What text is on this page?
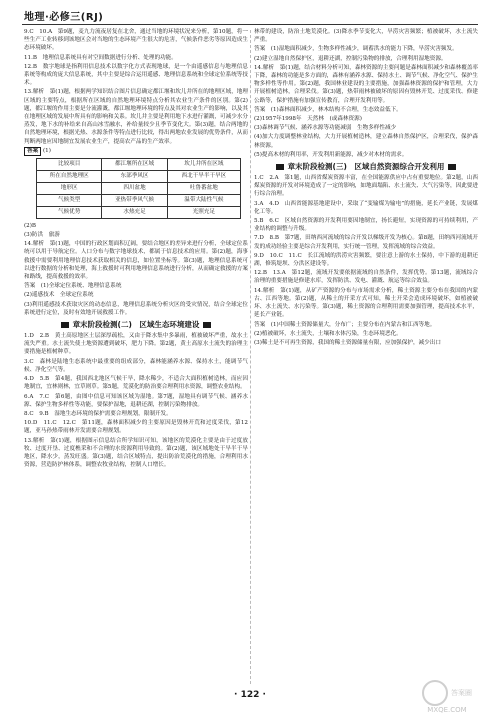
地理·必修三(RJ)

9.C　10.A　第9题，麦九力流夜居复在北舍，通过当地的环境状况来分析，第10题，将一些生产工业转移到该地区会对当地的生态环境产生很大的危害，气候条件恶劣等原因造成生态环境破坏。

11.B　地理信息系统具有对空间数据进行分析、处理的功能。

12.B　数字地球是指利用信息技术以数字化方式表现地球，是一个由遥感信息与地理信息系统等构成的庞大信息系统，其中主要是综合运用遥感、地理信息系统和全球定位系统等技术。

13.解析　第(1)题，根据两学知识结合图片信息确定都江堰和坎儿井所在的地理区域，地理区域的主要特点，根据所在区域的自然地理环境特点分析其农业生产条件的区别。第(2)题，都江堰的作用主要是分流灌溉，都江堰地理环境的特点及其对农业生产的影响，以及其在地理区域的发展中所具有的影响和关系。坎儿井主要是利用地下水进行灌溉，可减少水分蒸发，地下水的补给来自高山冰雪融水，补给量较少且季节变化大。第(3)题，结合两地的自然地理环境，根据光热、水源条件等特点进行比较，得出两地农业发展的优势条件，从而判断两地应因地制宜发展农业生产，提高农产品的生产效率。

答案 (1)

比较项目	都江堰所在区域	坎儿井所在区域
所在自然地理区	东部季风区	西北干旱半干旱区
地形区	四川盆地	吐鲁番盆地
气候类型	亚热带季风气候	温带大陆性气候
气候优势	水热充足	光照充足

(2)B

(3)防洪　旅游

14.解析　第(1)题，中国的行政区划面积辽阔，要结合地区的差异来进行分析，全球定位系统可以用于导航定位。人口分布与数字地球技术，都属于信息技术的应用。第(2)题，海事救援中需要利用地理信息技术获取相关的信息，如位置坐标等。第(3)题，地理信息系统可以进行数据的分析和处理，海上救援时可利用地理信息系统进行分析，从而确定救援的方案和路线，提高救援的效率。

答案　(1)全球定位系统、地理信息系统

(2)遥感技术　全球定位系统

(3)利用遥感技术获取灾区的动态信息，地理信息系统分析灾区的受灾情况，结合全球定位系统进行定位，及时有效地开展救援工作。

章末阶段检测(二)　区域生态环境建设

1.D　2.B　黄土高原地区土层深厚疏松，又由于降水集中多暴雨，植被破坏严重，故水土流失严重。水土流失使土地资源遭到破坏，肥力下降。第2题，黄土高原水土流失的治理主要措施是植树种草。

3.C　森林是陆地生态系统中最重要的组成部分，森林能涵养水源、保持水土，能调节气候、净化空气等。

4.D　5.B　第4题，我国西北地区气候干旱，降水稀少，不适合大面积植树造林，而应因地制宜，宜林则林，宜草则草。第5题，荒漠化的防治要合理利用水资源，调整农业结构。

6.A　7.C　第6题，由图中信息可知该区域为湿地。第7题，湿地具有调节气候、涵养水源、保护生物多样性等功能，要保护湿地，退耕还湖，控制污染物排放。

8.C　9.B　湿地生态环境的保护需要合理规划，限制开发。

10.D　11.C　12.C　第11题，森林面积减少的主要原因是毁林开荒和过度采伐，第12题，亚马孙热带雨林开发需要合理规划。

13.解析　第(1)题，根据图示信息结合所学知识可知，该地区的荒漠化主要是由于过度放牧、过度开垦、过度樵采和不合理的水资源利用导致的。第(2)题，该区域地处干旱半干旱地区，降水少，蒸发旺盛。第(3)题，结合区域特点，提出防治荒漠化的措施，合理利用水资源，营造防护林体系，调整农牧业结构，控制人口增长。

林带的建设，防治土地荒漠化。(3)降水季节变化大，旱涝灾害频繁；植被破坏，水土流失严重。

答案　(1)湿地面积减少，生物多样性减少，调蓄洪水的能力下降，旱涝灾害频发。

(2)建立湿地自然保护区，退耕还湖，控制污染物的排放，合理利用湿地资源。

14.解析　第(1)题，结合材料分析可知，森林资源的主要问题是森林面积减少和森林覆盖率下降，森林的功能是多方面的，森林有涵养水源、保持水土、调节气候、净化空气、保护生物多样性等作用。第(2)题，我国林业建设的主要措施，加强森林资源的保护和管理，大力开展植树造林，合理采伐。第(3)题，热带雨林被破坏的原因有毁林开荒、过度采伐、修建公路等，保护措施有加强宣传教育，合理开发利用等。

答案　(1)森林面积减少，林木结构不合理，生态效益低下。

(2)1957年1998年　天然林　(或森林资源)

(3)森林调节气候、涵养水源等功能减弱　生物多样性减少

(4)加大力度调整林业结构，大力开展植树造林，建立森林自然保护区，合理采伐，保护森林资源。

(5)提高木材的利用率，开发利用新能源，减少对木材的需求。

章末阶段检测(三)　区域自然资源综合开发利用

1.C　2.A　第1题，山西省煤炭资源丰富，在全国能源供应中占有重要地位。第2题，山西煤炭资源的开发对环境造成了一定的影响，如地面塌陷、水土流失、大气污染等，因此要进行综合治理。

3.A　4.D　山西省能源基地建设中，采取了“变输煤为输电”的措施，延长产业链，发展煤化工等。

5.B　6.C　区域自然资源的开发利用要因地制宜，扬长避短，实现资源的可持续利用，产业结构的调整与升级。

7.D　8.B　第7题，田纳西河流域的综合开发以梯级开发为核心。第8题，田纳西河流域开发的成功经验主要是综合开发利用，实行统一管理，发挥流域的综合效益。

9.D　10.C　11.C　长江流域的洪涝灾害频繁，要注意上游的水土保持，中下游的退耕还湖，修筑堤坝、分洪区建设等。

12.B　13.A　第12题，流域开发要依据流域的自然条件，发挥优势。第13题，流域综合治理的重要措施是修建水库，发挥防洪、发电、灌溉、航运等综合效益。

14.解析　第(1)题，从矿产资源的分布与市场需求分析，稀土资源主要分布在我国的内蒙古、江西等地。第(2)题，从稀土的开采方式可知，稀土开采会造成环境破坏，如植被破坏、水土流失、水污染等。第(3)题，稀土资源的合理利用需要加强管理，提高技术水平，延长产业链。

答案　(1)中国稀土资源储量大，分布广；主要分布在内蒙古和江西等地。

(2)植被破坏，水土流失，土壤和水体污染，生态环境恶化。

(3)稀土是不可再生资源，我国的稀土资源储量有限，应加强保护，减少出口

· 122 ·	答案圈
MXQE.COM
